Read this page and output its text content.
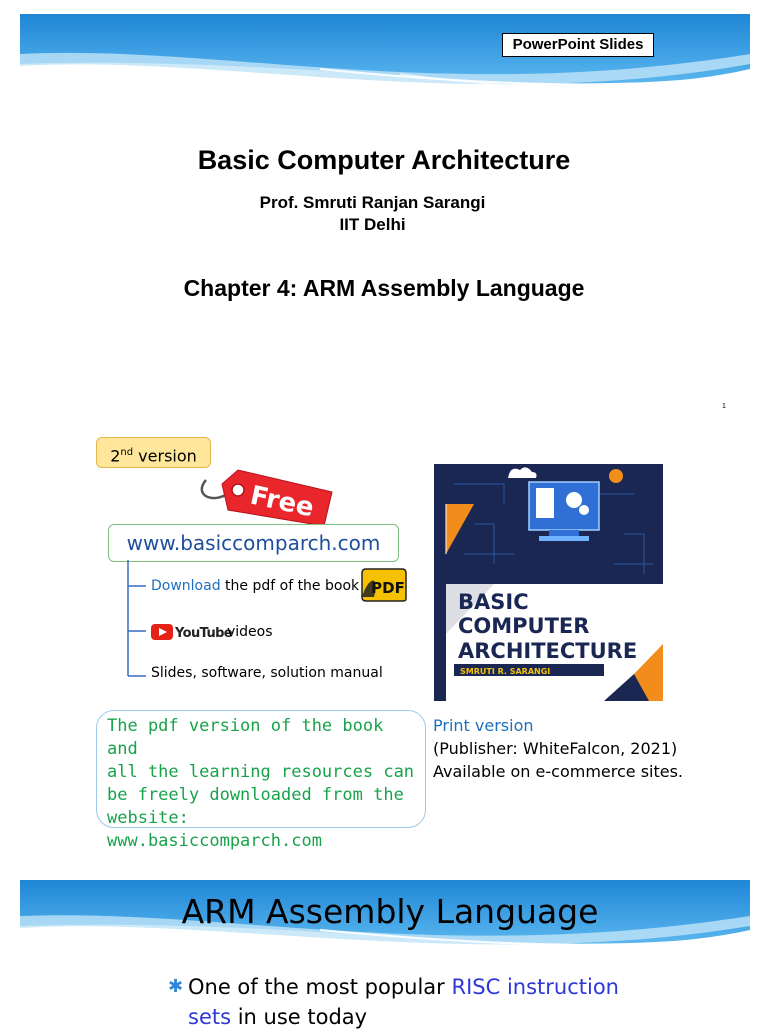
PowerPoint Slides
Basic Computer Architecture
Prof. Smruti Ranjan Sarangi
IIT Delhi
Chapter 4: ARM Assembly Language
1
2nd version
Free
www.basiccomparch.com
Download the pdf of the book PDF
YouTube
videos
Slides, software, solution manual
The pdf version of the book and
all the learning resources can
be freely downloaded from the
website:
www.basiccomparch.com
BASIC
COMPUTER
ARCHITECTURE
SMRUTI R. SARANGI
BASIC COMPUTER ARCHITECTURE
SMRUTI R. SARANGI
Print version
(Publisher: WhiteFalcon, 2021)
Available on e-commerce sites.
ARM Assembly Language
✱ One of the most popular RISC instruction sets in use today
